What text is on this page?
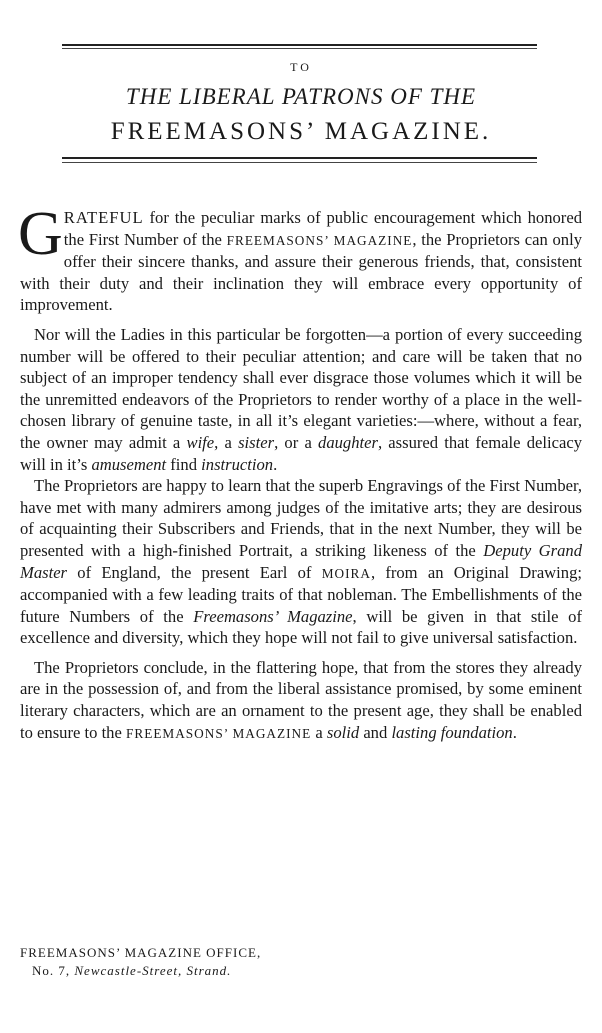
TO
THE LIBERAL PATRONS OF THE
FREEMASONS’ MAGAZINE.

GRATEFUL for the peculiar marks of public encouragement which honored the First Number of the FREEMASONS’ MAGAZINE, the Proprietors can only offer their sincere thanks, and assure their generous friends, that, consistent with their duty and their inclination they will embrace every opportunity of improvement.

Nor will the Ladies in this particular be forgotten—a portion of every succeeding number will be offered to their peculiar attention; and care will be taken that no subject of an improper tendency shall ever disgrace those volumes which it will be the unremitted endeavors of the Proprietors to render worthy of a place in the well-chosen library of genuine taste, in all it’s elegant varieties:—where, without a fear, the owner may admit a wife, a sister, or a daughter, assured that female delicacy will in it’s amusement find instruction.

The Proprietors are happy to learn that the superb Engravings of the First Number, have met with many admirers among judges of the imitative arts; they are desirous of acquainting their Subscribers and Friends, that in the next Number, they will be presented with a high-finished Portrait, a striking likeness of the Deputy Grand Master of England, the present Earl of MOIRA, from an Original Drawing; accompanied with a few leading traits of that nobleman. The Embellishments of the future Numbers of the Freemasons’ Magazine, will be given in that stile of excellence and diversity, which they hope will not fail to give universal satisfaction.

The Proprietors conclude, in the flattering hope, that from the stores they already are in the possession of, and from the liberal assistance promised, by some eminent literary characters, which are an ornament to the present age, they shall be enabled to ensure to the FREEMASONS’ MAGAZINE a solid and lasting foundation.

FREEMASONS’ MAGAZINE OFFICE,
No. 7, Newcastle-Street, Strand.
